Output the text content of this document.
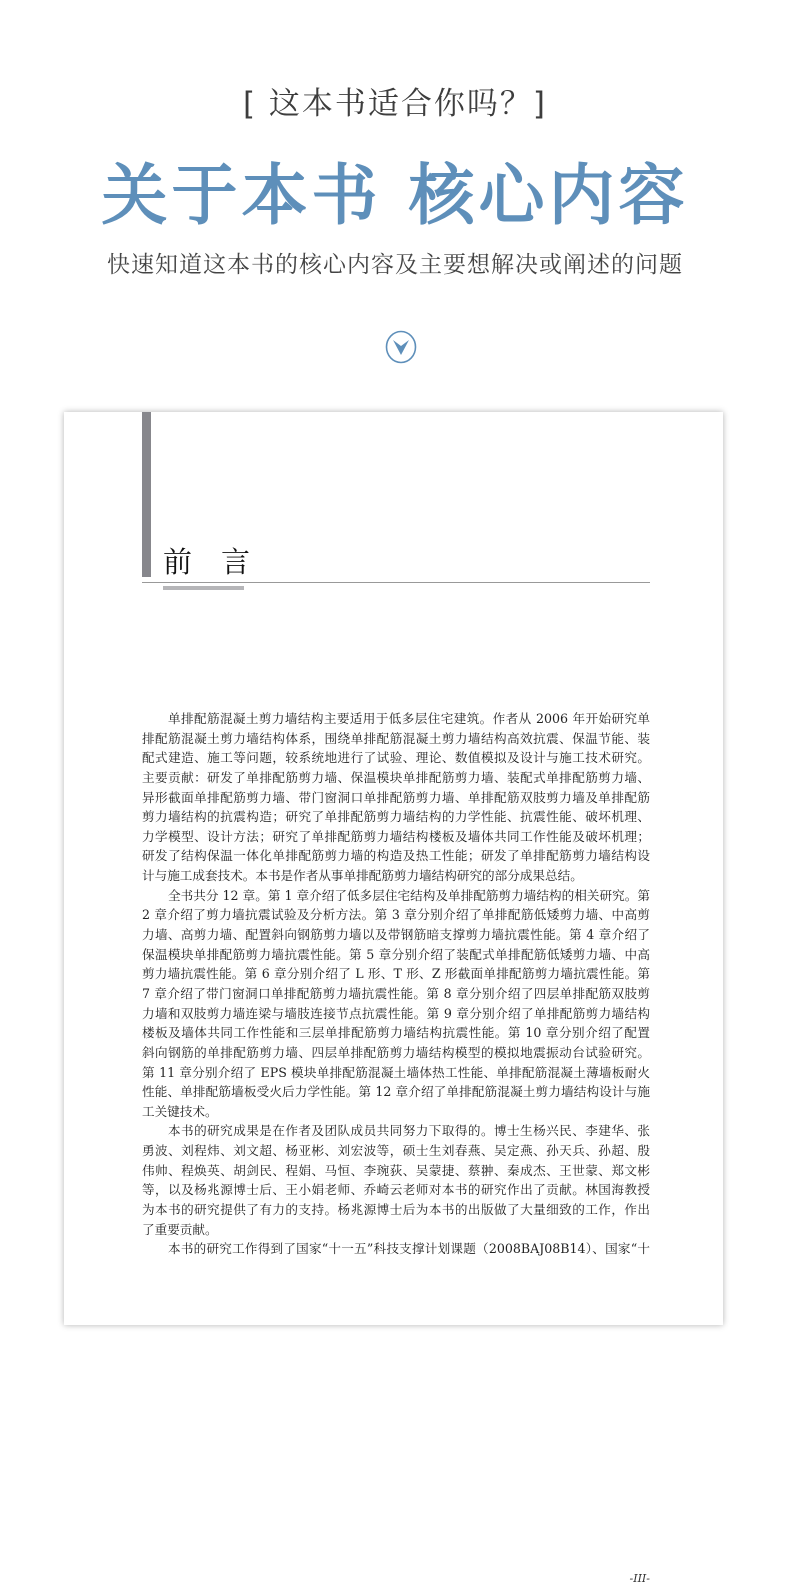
[ 这本书适合你吗？]
关于本书 核心内容
快速知道这本书的核心内容及主要想解决或阐述的问题
前　言
单排配筋混凝土剪力墙结构主要适用于低多层住宅建筑。作者从 2006 年开始研究单
排配筋混凝土剪力墙结构体系，围绕单排配筋混凝土剪力墙结构高效抗震、保温节能、装
配式建造、施工等问题，较系统地进行了试验、理论、数值模拟及设计与施工技术研究。
主要贡献：研发了单排配筋剪力墙、保温模块单排配筋剪力墙、装配式单排配筋剪力墙、
异形截面单排配筋剪力墙、带门窗洞口单排配筋剪力墙、单排配筋双肢剪力墙及单排配筋
剪力墙结构的抗震构造；研究了单排配筋剪力墙结构的力学性能、抗震性能、破坏机理、
力学模型、设计方法；研究了单排配筋剪力墙结构楼板及墙体共同工作性能及破坏机理；
研发了结构保温一体化单排配筋剪力墙的构造及热工性能；研发了单排配筋剪力墙结构设
计与施工成套技术。本书是作者从事单排配筋剪力墙结构研究的部分成果总结。
全书共分 12 章。第 1 章介绍了低多层住宅结构及单排配筋剪力墙结构的相关研究。第
2 章介绍了剪力墙抗震试验及分析方法。第 3 章分别介绍了单排配筋低矮剪力墙、中高剪
力墙、高剪力墙、配置斜向钢筋剪力墙以及带钢筋暗支撑剪力墙抗震性能。第 4 章介绍了
保温模块单排配筋剪力墙抗震性能。第 5 章分别介绍了装配式单排配筋低矮剪力墙、中高
剪力墙抗震性能。第 6 章分别介绍了 L 形、T 形、Z 形截面单排配筋剪力墙抗震性能。第
7 章介绍了带门窗洞口单排配筋剪力墙抗震性能。第 8 章分别介绍了四层单排配筋双肢剪
力墙和双肢剪力墙连梁与墙肢连接节点抗震性能。第 9 章分别介绍了单排配筋剪力墙结构
楼板及墙体共同工作性能和三层单排配筋剪力墙结构抗震性能。第 10 章分别介绍了配置
斜向钢筋的单排配筋剪力墙、四层单排配筋剪力墙结构模型的模拟地震振动台试验研究。
第 11 章分别介绍了 EPS 模块单排配筋混凝土墙体热工性能、单排配筋混凝土薄墙板耐火
性能、单排配筋墙板受火后力学性能。第 12 章介绍了单排配筋混凝土剪力墙结构设计与施
工关键技术。
本书的研究成果是在作者及团队成员共同努力下取得的。博士生杨兴民、李建华、张
勇波、刘程炜、刘文超、杨亚彬、刘宏波等，硕士生刘春燕、吴定燕、孙天兵、孙超、殷
伟帅、程焕英、胡剑民、程娟、马恒、李琬荻、吴蒙捷、蔡翀、秦成杰、王世蒙、郑文彬
等，以及杨兆源博士后、王小娟老师、乔崎云老师对本书的研究作出了贡献。林国海教授
为本书的研究提供了有力的支持。杨兆源博士后为本书的出版做了大量细致的工作，作出
了重要贡献。
本书的研究工作得到了国家“十一五”科技支撑计划课题（2008BAJ08B14）、国家“十
-III-
